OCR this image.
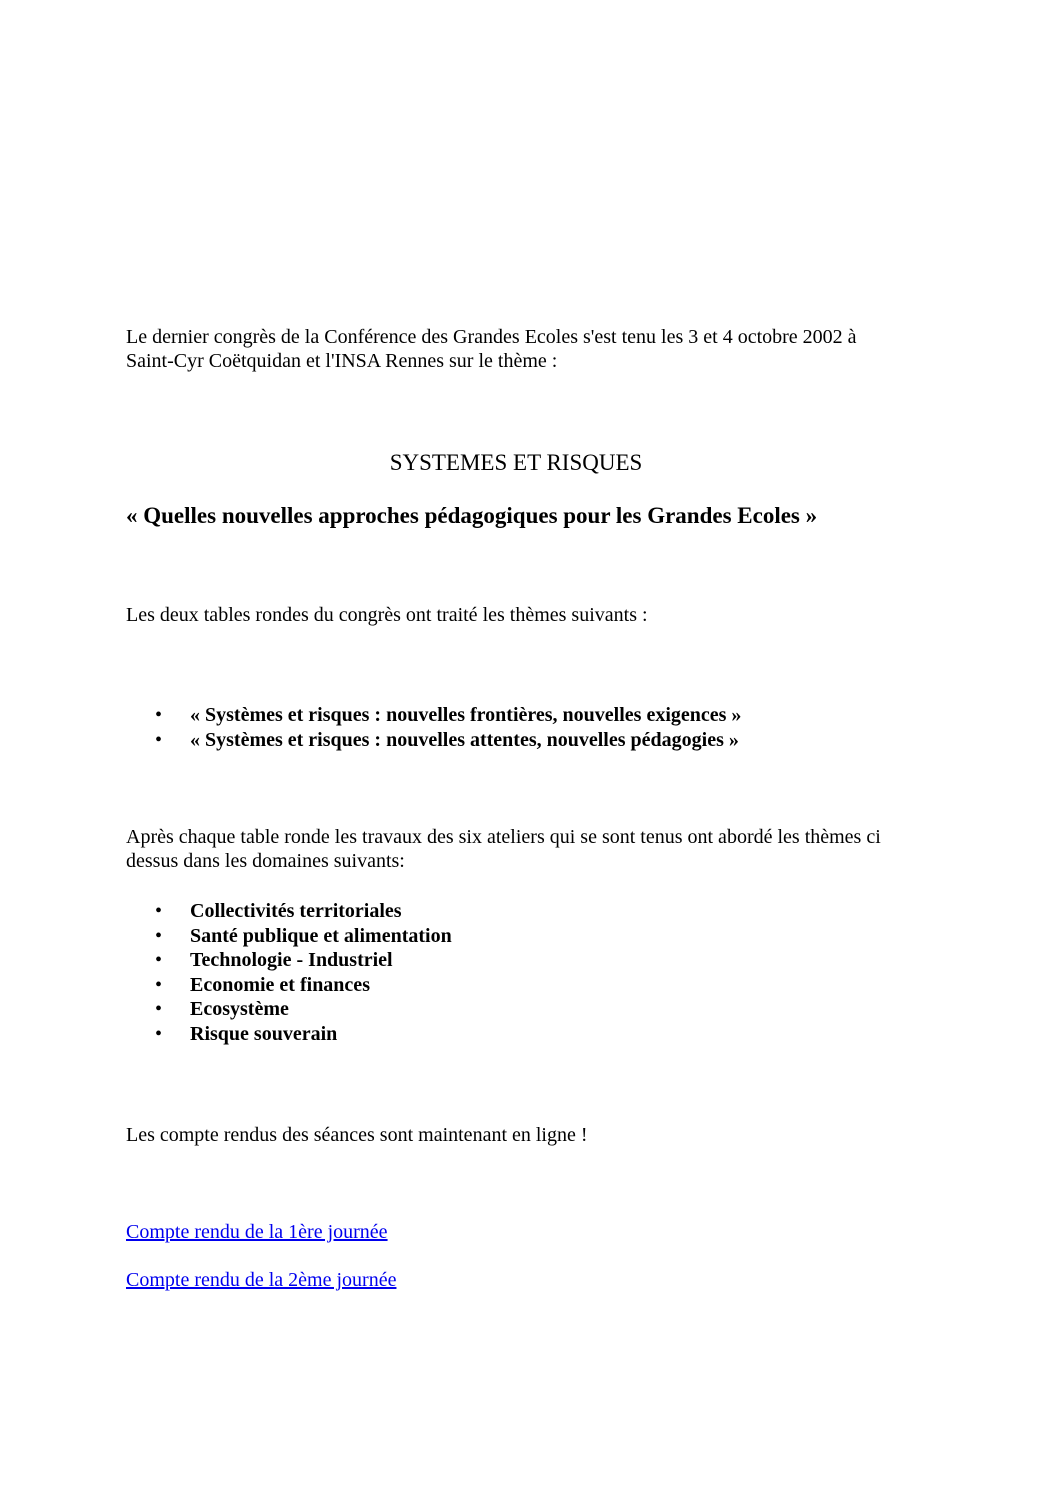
Le dernier congrès de la Conférence des Grandes Ecoles s'est tenu les 3 et 4 octobre 2002 à
Saint-Cyr Coëtquidan et l'INSA Rennes sur le thème :

SYSTEMES ET RISQUES
« Quelles nouvelles approches pédagogiques pour les Grandes Ecoles »

Les deux tables rondes du congrès ont traité les thèmes suivants :

• « Systèmes et risques : nouvelles frontières, nouvelles exigences »
• « Systèmes et risques : nouvelles attentes, nouvelles pédagogies »

Après chaque table ronde les travaux des six ateliers qui se sont tenus ont abordé les thèmes ci
dessus dans les domaines suivants:

• Collectivités territoriales
• Santé publique et alimentation
• Technologie - Industriel
• Economie et finances
• Ecosystème
• Risque souverain

Les compte rendus des séances sont maintenant en ligne !

Compte rendu de la 1ère journée
Compte rendu de la 2ème journée
